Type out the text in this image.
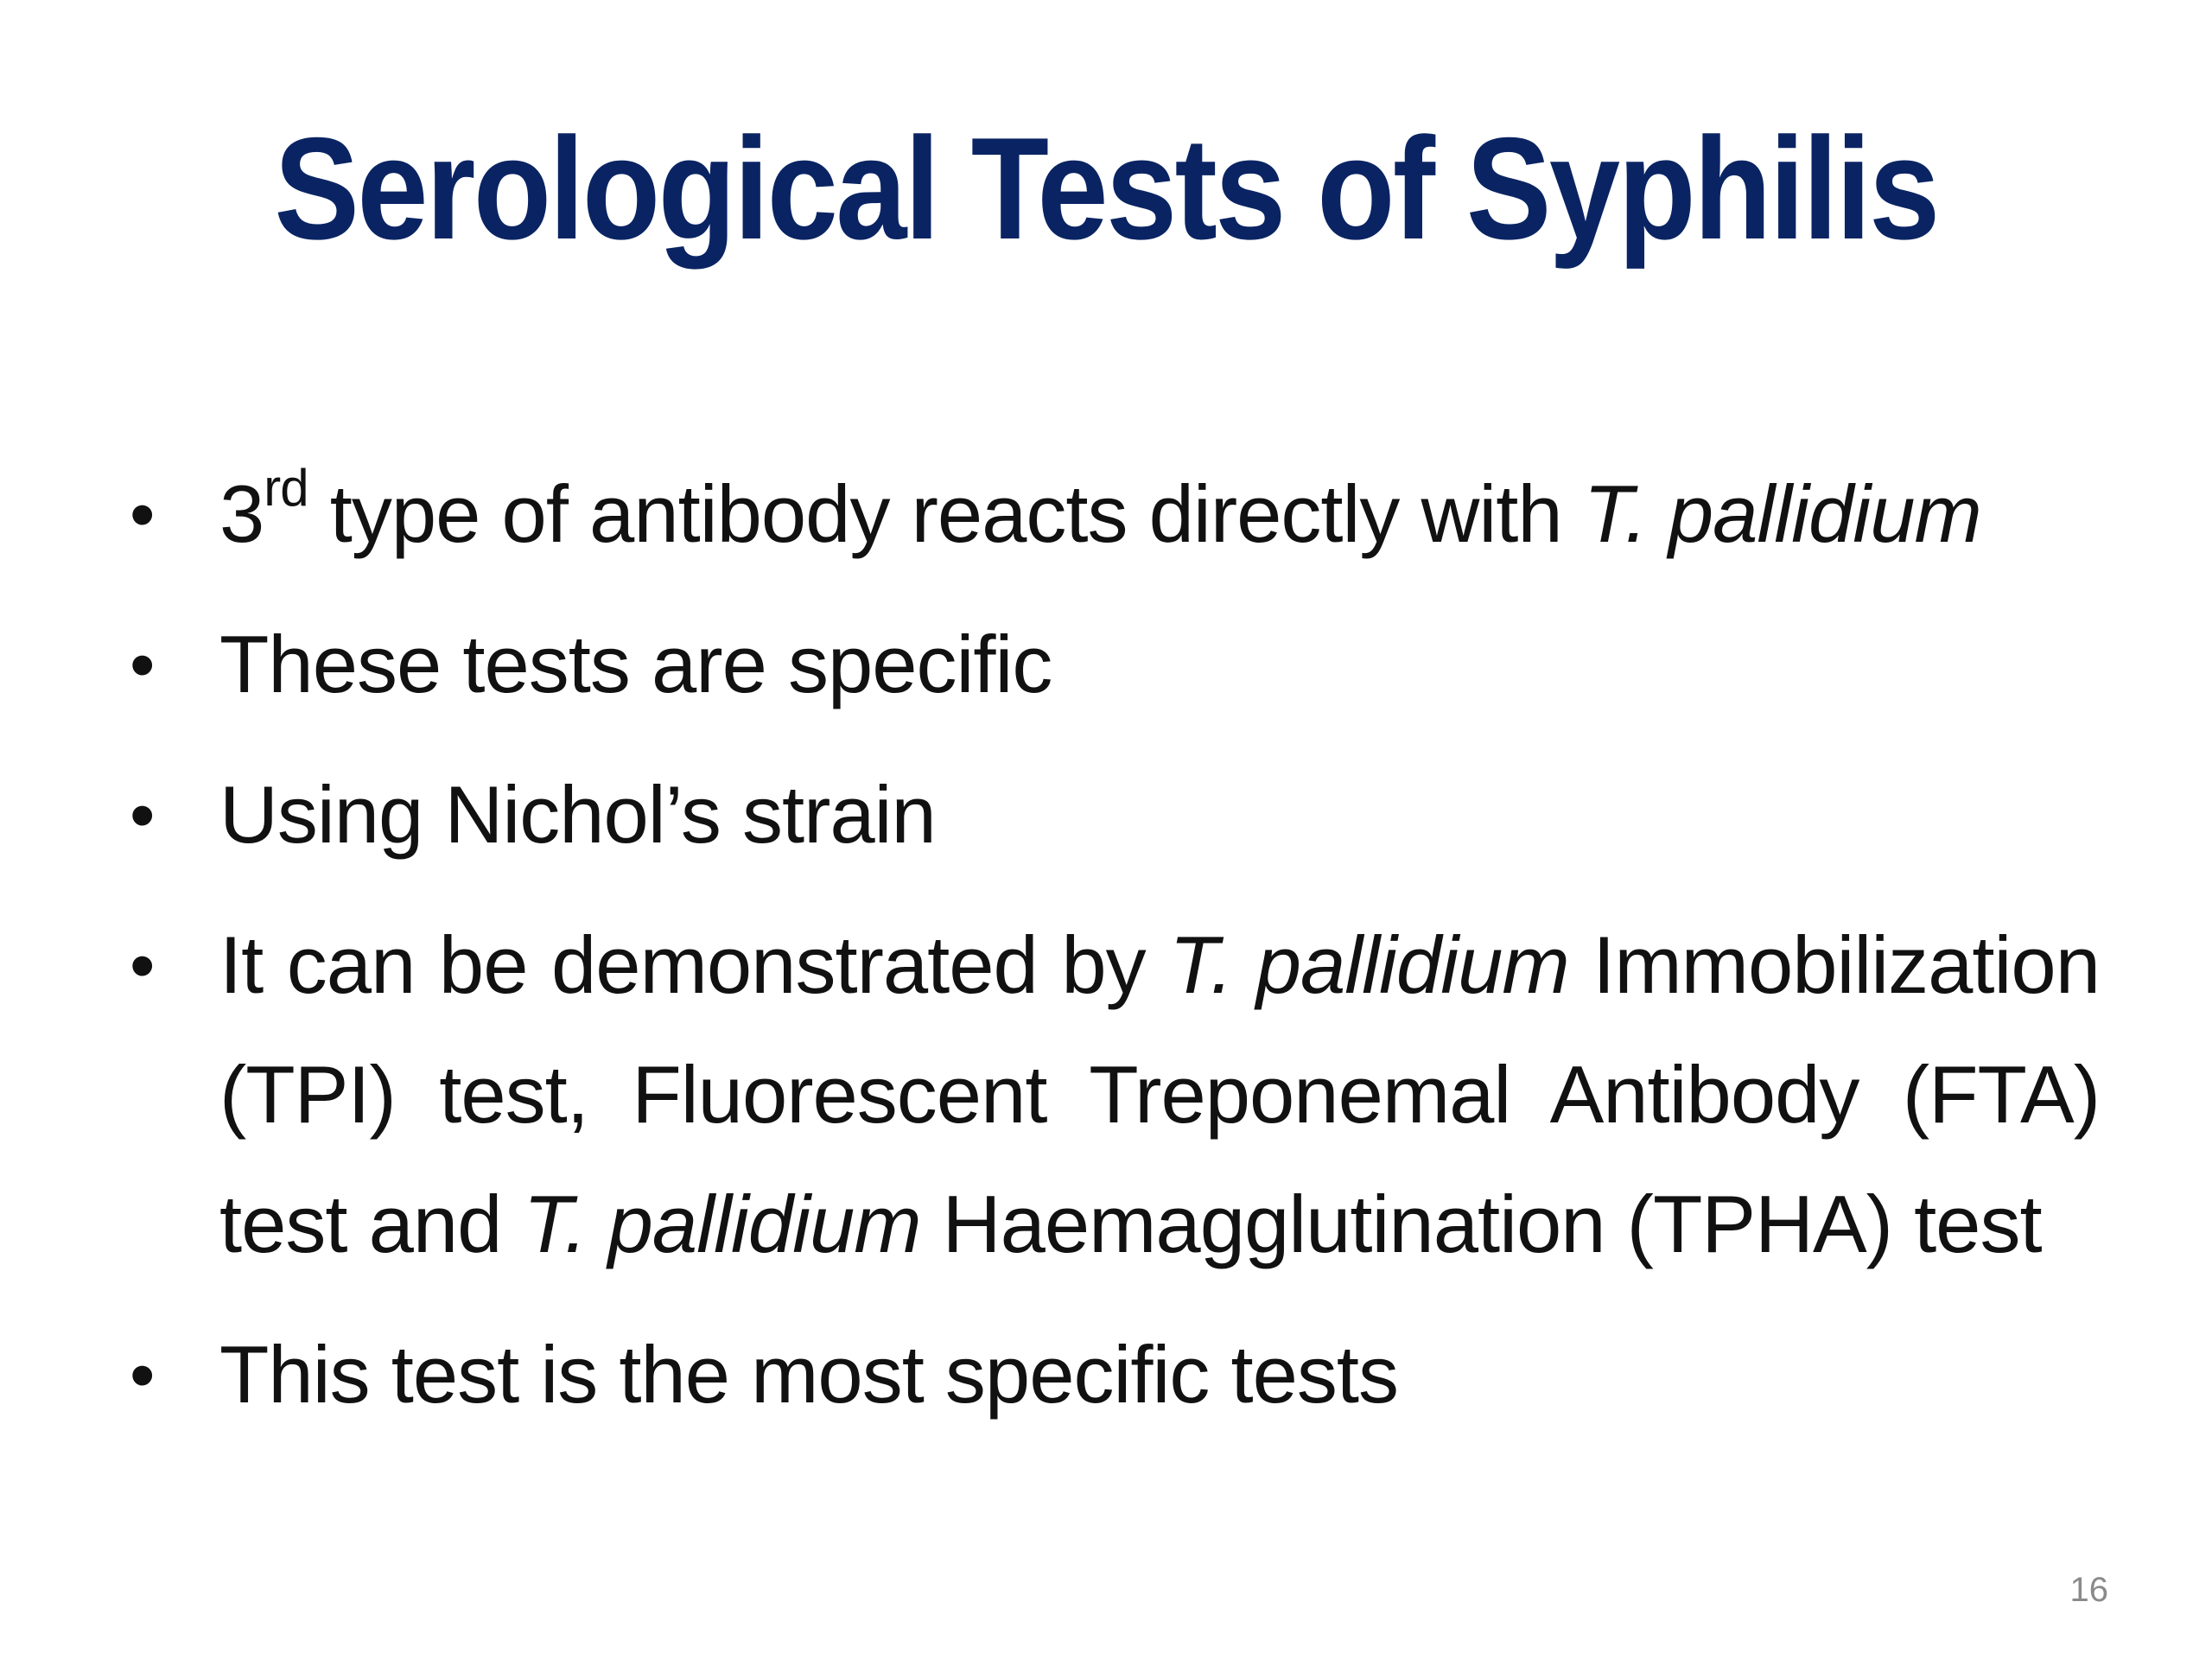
Serological Tests of Syphilis
• 3rd type of antibody reacts directly with T. pallidium
• These tests are specific
• Using Nichol’s strain
• It can be demonstrated by T. pallidium Immobilization (TPI) test, Fluorescent Treponemal Antibody (FTA) test and T. pallidium Haemagglutination (TPHA) test
• This test is the most specific tests
16
